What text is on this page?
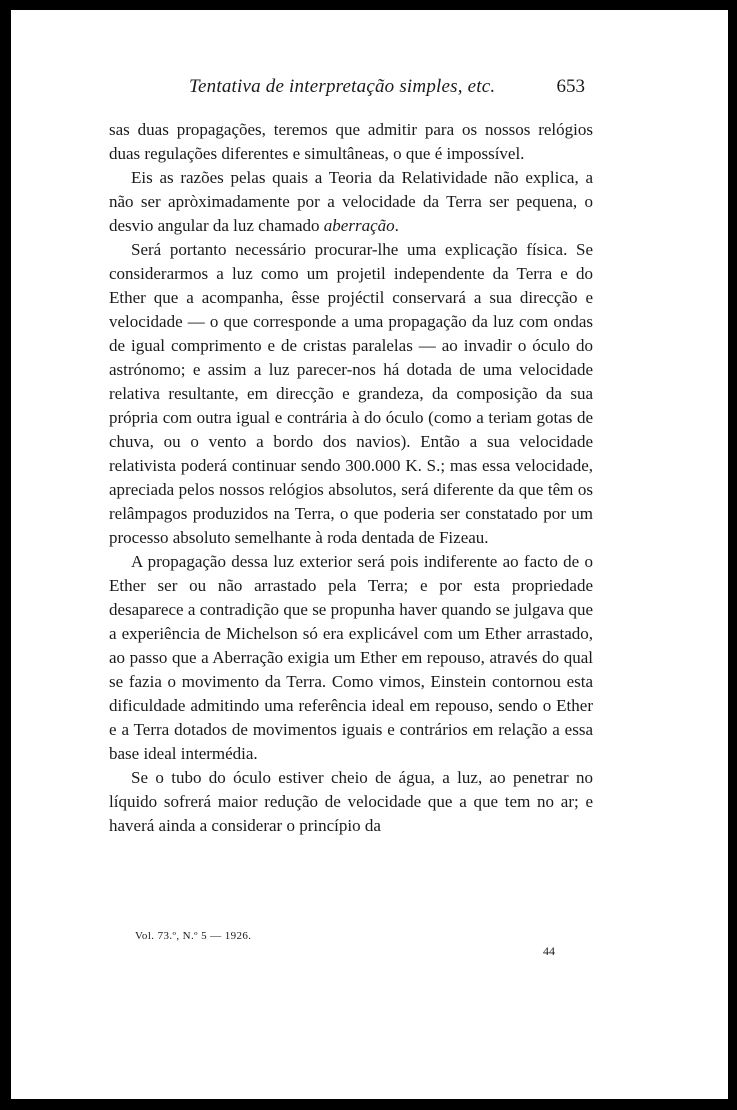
Tentativa de interpretação simples, etc.	653

sas duas propagações, teremos que admitir para os nossos relógios duas regulações diferentes e simultâneas, o que é impossível.

Eis as razões pelas quais a Teoria da Relatividade não explica, a não ser apròximadamente por a velocidade da Terra ser pequena, o desvio angular da luz chamado aberração.

Será portanto necessário procurar-lhe uma explicação física. Se considerarmos a luz como um projetil independente da Terra e do Ether que a acompanha, êsse projéctil conservará a sua direcção e velocidade — o que corresponde a uma propagação da luz com ondas de igual comprimento e de cristas paralelas — ao invadir o óculo do astrónomo; e assim a luz parecer-nos há dotada de uma velocidade relativa resultante, em direcção e grandeza, da composição da sua própria com outra igual e contrária à do óculo (como a teriam gotas de chuva, ou o vento a bordo dos navios). Então a sua velocidade relativista poderá continuar sendo 300.000 K. S.; mas essa velocidade, apreciada pelos nossos relógios absolutos, será diferente da que têm os relâmpagos produzidos na Terra, o que poderia ser constatado por um processo absoluto semelhante à roda dentada de Fizeau.

A propagação dessa luz exterior será pois indiferente ao facto de o Ether ser ou não arrastado pela Terra; e por esta propriedade desaparece a contradição que se propunha haver quando se julgava que a experiência de Michelson só era explicável com um Ether arrastado, ao passo que a Aberração exigia um Ether em repouso, através do qual se fazia o movimento da Terra. Como vimos, Einstein contornou esta dificuldade admitindo uma referência ideal em repouso, sendo o Ether e a Terra dotados de movimentos iguais e contrários em relação a essa base ideal intermédia.

Se o tubo do óculo estiver cheio de água, a luz, ao penetrar no líquido sofrerá maior redução de velocidade que a que tem no ar; e haverá ainda a considerar o princípio da

Vol. 73.º, N.º 5 — 1926.
44
